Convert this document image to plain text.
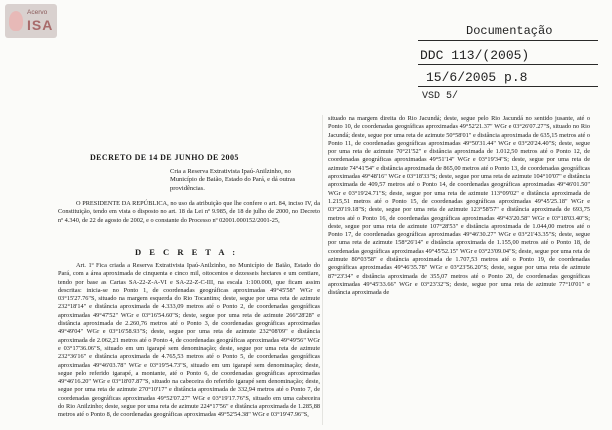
Acervo
ISA	Documentação
DDC 113/(2005)
15/6/2005 p.8
VSD 5/
DECRETO DE 14 DE JUNHO DE 2005
Cria a Reserva Extrativista Ipaú-Anilzinho, no Município de Baião, Estado do Pará, e dá outras providências.
O PRESIDENTE DA REPÚBLICA, no uso da atribuição que lhe confere o art. 84, inciso IV, da Constituição, tendo em vista o disposto no art. 18 da Lei nº 9.985, de 18 de julho de 2000, no Decreto nº 4.340, de 22 de agosto de 2002, e o constante do Processo nº 02001.000152/2001-25,
D E C R E T A :
Art. 1º Fica criada a Reserva Extrativista Ipaú-Anilzinho, no Município de Baião, Estado do Pará, com a área aproximada de cinquenta e cinco mil, oitocentos e dezesseis hectares e um centiare, tendo por base as Cartas SA-22-Z-A-VI e SA-22-Z-C-III, na escala 1:100.000, que ficam assim descritas: inicia-se no Ponto 1, de coordenadas geográficas aproximadas 49°45'58" WGr e 03°15'27.76"S, situado na margem esquerda do Rio Tocantins; deste, segue por uma reta de azimute 232°18'14" e distância aproximada de 4.333,09 metros até o Ponto 2, de coordenadas geográficas aproximadas 49°47'52" WGr e 03°16'54.60"S; deste, segue por uma reta de azimute 266°28'28" e distância aproximada de 2.260,76 metros até o Ponto 3, de coordenadas geográficas aproximadas 49°49'04" WGr e 03°16'58.93"S; deste, segue por uma reta de azimute 232°08'09" e distância aproximada de 2.062,21 metros até o Ponto 4, de coordenadas geográficas aproximadas 49°49'56" WGr e 03°17'36.06"S, situado em um igarapé sem denominação; deste, segue por uma reta de azimute 232°36'16" e distância aproximada de 4.765,53 metros até o Ponto 5, de coordenadas geográficas aproximadas 49°46'03.78" WGr e 03°19'54.73"S, situado em um igarapé sem denominação; deste, segue pelo referido igarapé, a montante, até o Ponto 6, de coordenadas geográficas aproximadas 49°46'16.20" WGr e 03°18'07.87"S, situado na cabeceira do referido igarapé sem denominação; deste, segue por uma reta de azimute 270°10'17" e distância aproximada de 332,94 metros até o Ponto 7, de coordenadas geográficas aproximadas 49°52'07.27" WGr e 03°19'17.76"S, situado em uma cabeceira do Rio Anilzinho; deste, segue por uma reta de azimute 224°17'56" e distância aproximada de 1.285,88 metros até o Ponto 8, de coordenadas geográficas aproximadas 49°52'54.38" WGr e 03°19'47.96"S,
situado na margem direita do Rio Jacundá; deste, segue pelo Rio Jacundá no sentido jusante, até o Ponto 10, de coordenadas geográficas aproximadas 49°52'21.37" WGr e 03°26'07.27"S, situado no Rio Jacundá; deste, segue por uma reta de azimute 50°58'01" e distância aproximada de 635,15 metros até o Ponto 11, de coordenadas geográficas aproximadas 49°50'31.44" WGr e 03°20'24.40"S; deste, segue por uma reta de azimute 70°21'52" e distância aproximada de 1.012,50 metros até o Ponto 12, de coordenadas geográficas aproximadas 49°51'14" WGr e 03°19'34"S; deste, segue por uma reta de azimute 74°41'54" e distância aproximada de 865,00 metros até o Ponto 13, de coordenadas geográficas aproximadas 49°48'16" WGr e 03°18'33"S; deste, segue por uma reta de azimute 104°10'07" e distância aproximada de 409,57 metros até o Ponto 14, de coordenadas geográficas aproximadas 49°46'01.50" WGr e 03°19'24.71"S; deste, segue por uma reta de azimute 113°09'02" e distância aproximada de 1.215,51 metros até o Ponto 15, de coordenadas geográficas aproximadas 49°45'25.18" WGr e 03°20'19.18"S; deste, segue por uma reta de azimute 123°58'57" e distância aproximada de 693,75 metros até o Ponto 16, de coordenadas geográficas aproximadas 49°43'20.58" WGr e 03°18'03.40"S; deste, segue por uma reta de azimute 107°28'53" e distância aproximada de 1.044,00 metros até o Ponto 17, de coordenadas geográficas aproximadas 49°46'30.27" WGr e 03°21'43.35"S; deste, segue por uma reta de azimute 158°26'14" e distância aproximada de 1.155,00 metros até o Ponto 18, de coordenadas geográficas aproximadas 49°45'52.15" WGr e 03°23'09.04"S; deste, segue por uma reta de azimute 80°03'58" e distância aproximada de 1.707,53 metros até o Ponto 19, de coordenadas geográficas aproximadas 49°46'35.78" WGr e 03°23'56.20"S; deste, segue por uma reta de azimute 87°23'34" e distância aproximada de 355,07 metros até o Ponto 20, de coordenadas geográficas aproximadas 49°45'33.66" WGr e 03°23'32"S; deste, segue por uma reta de azimute 77°10'01" e distância aproximada de
